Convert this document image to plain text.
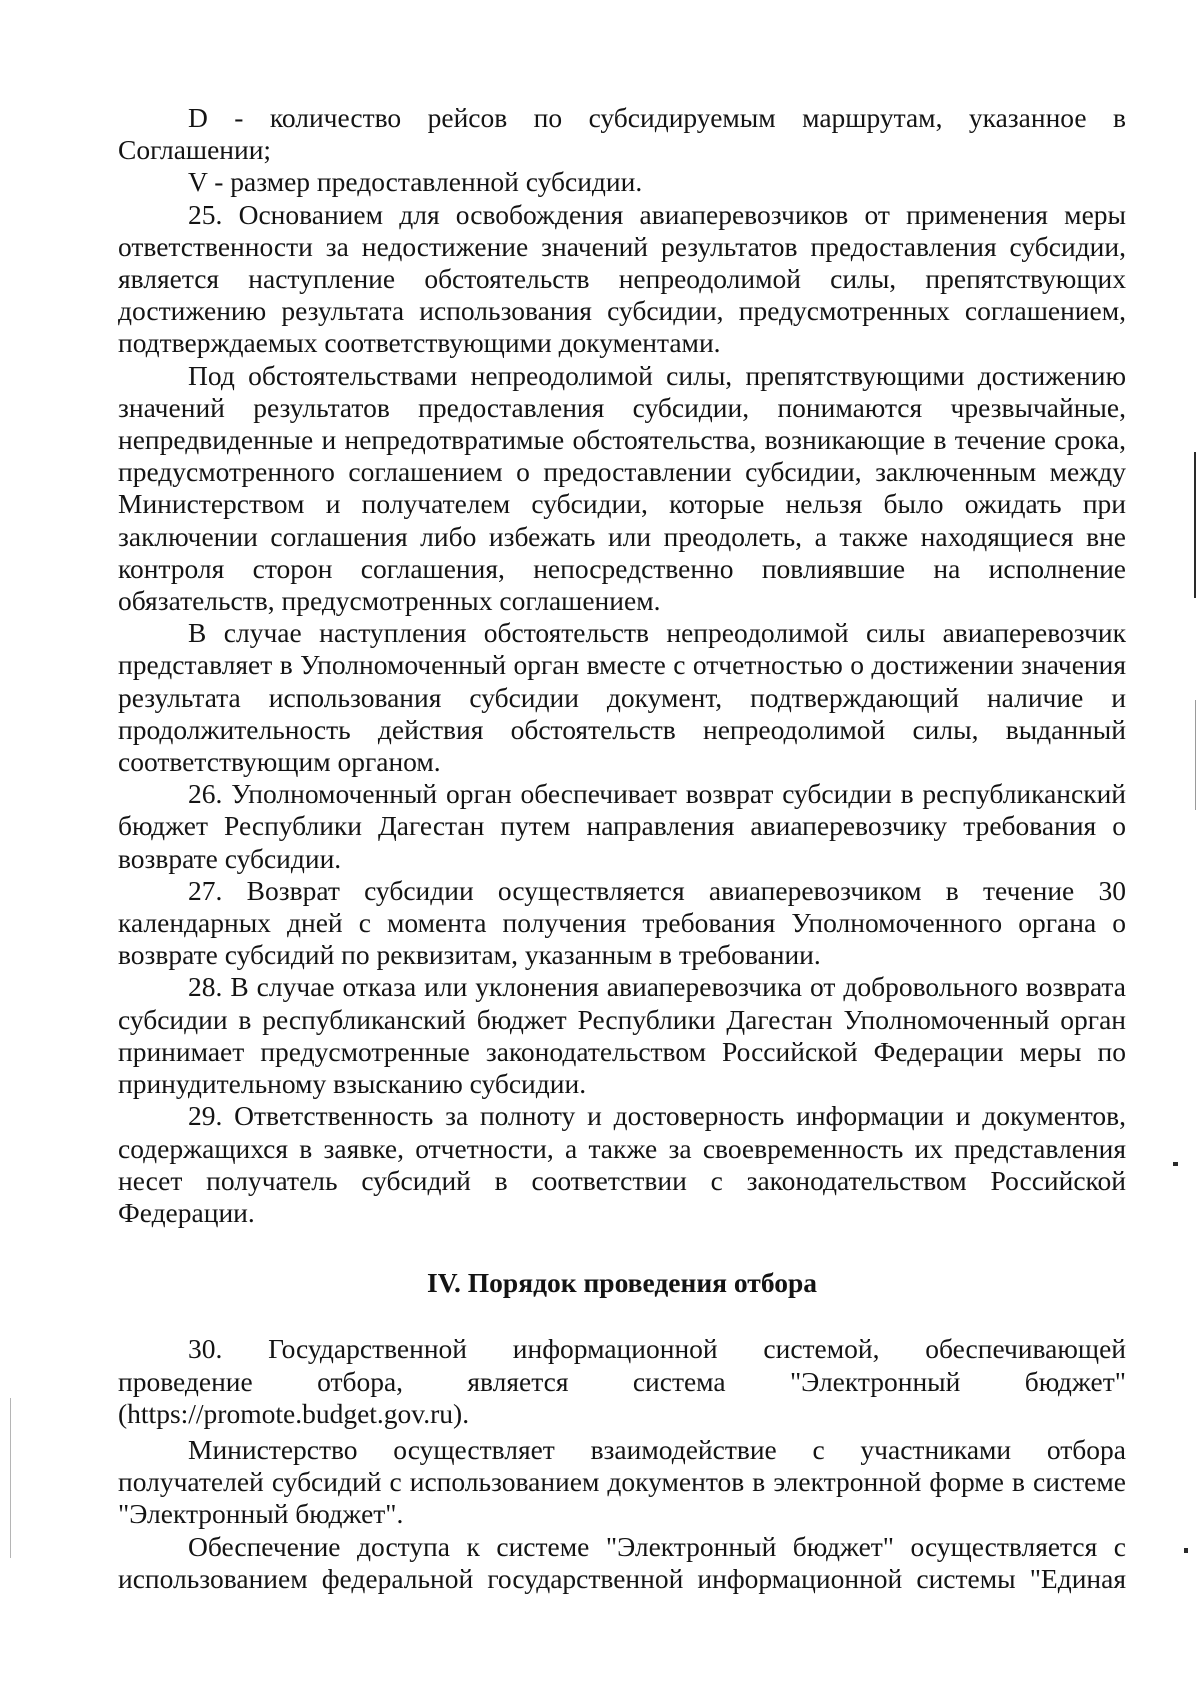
D - количество рейсов по субсидируемым маршрутам, указанное в Соглашении;

V - размер предоставленной субсидии.

25. Основанием для освобождения авиаперевозчиков от применения меры ответственности за недостижение значений результатов предоставления субсидии, является наступление обстоятельств непреодолимой силы, препятствующих достижению результата использования субсидии, предусмотренных соглашением, подтверждаемых соответствующими документами.

Под обстоятельствами непреодолимой силы, препятствующими достижению значений результатов предоставления субсидии, понимаются чрезвычайные, непредвиденные и непредотвратимые обстоятельства, возникающие в течение срока, предусмотренного соглашением о предоставлении субсидии, заключенным между Министерством и получателем субсидии, которые нельзя было ожидать при заключении соглашения либо избежать или преодолеть, а также находящиеся вне контроля сторон соглашения, непосредственно повлиявшие на исполнение обязательств, предусмотренных соглашением.

В случае наступления обстоятельств непреодолимой силы авиаперевозчик представляет в Уполномоченный орган вместе с отчетностью о достижении значения результата использования субсидии документ, подтверждающий наличие и продолжительность действия обстоятельств непреодолимой силы, выданный соответствующим органом.

26. Уполномоченный орган обеспечивает возврат субсидии в республиканский бюджет Республики Дагестан путем направления авиаперевозчику требования о возврате субсидии.

27. Возврат субсидии осуществляется авиаперевозчиком в течение 30 календарных дней с момента получения требования Уполномоченного органа о возврате субсидий по реквизитам, указанным в требовании.

28. В случае отказа или уклонения авиаперевозчика от добровольного возврата субсидии в республиканский бюджет Республики Дагестан Уполномоченный орган принимает предусмотренные законодательством Российской Федерации меры по принудительному взысканию субсидии.

29. Ответственность за полноту и достоверность информации и документов, содержащихся в заявке, отчетности, а также за своевременность их представления несет получатель субсидий в соответствии с законодательством Российской Федерации.

IV. Порядок проведения отбора

30. Государственной информационной системой, обеспечивающей

проведение отбора, является система "Электронный бюджет"
(https://promote.budget.gov.ru).

Министерство осуществляет взаимодействие с участниками отбора получателей субсидий с использованием документов в электронной форме в системе "Электронный бюджет".

Обеспечение доступа к системе "Электронный бюджет" осуществляется с использованием федеральной государственной информационной системы "Единая
